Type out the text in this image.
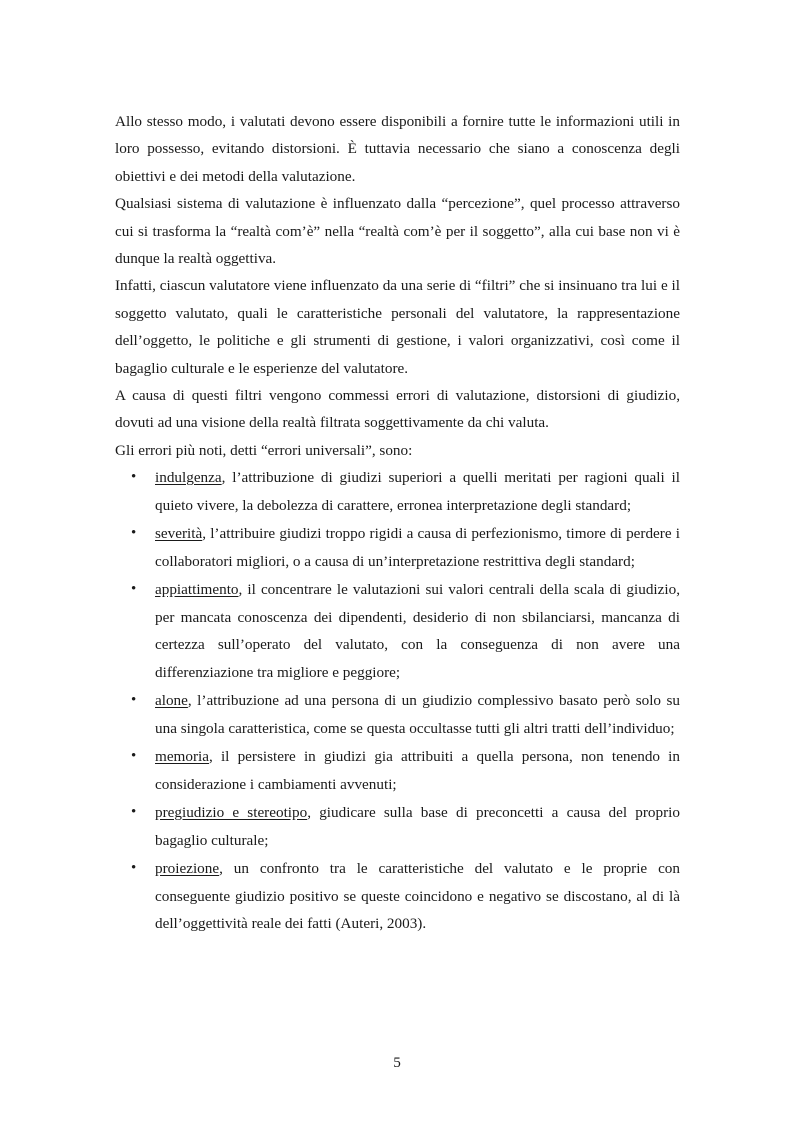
Allo stesso modo, i valutati devono essere disponibili a fornire tutte le informazioni utili in loro possesso, evitando distorsioni. È tuttavia necessario che siano a conoscenza degli obiettivi e dei metodi della valutazione.

Qualsiasi sistema di valutazione è influenzato dalla “percezione”, quel processo attraverso cui si trasforma la “realtà com’è” nella “realtà com’è per il soggetto”, alla cui base non vi è dunque la realtà oggettiva.

Infatti, ciascun valutatore viene influenzato da una serie di “filtri” che si insinuano tra lui e il soggetto valutato, quali le caratteristiche personali del valutatore, la rappresentazione dell’oggetto, le politiche e gli strumenti di gestione, i valori organizzativi, così come il bagaglio culturale e le esperienze del valutatore.

A causa di questi filtri vengono commessi errori di valutazione, distorsioni di giudizio, dovuti ad una visione della realtà filtrata soggettivamente da chi valuta.

Gli errori più noti, detti “errori universali”, sono:

• indulgenza, l’attribuzione di giudizi superiori a quelli meritati per ragioni quali il quieto vivere, la debolezza di carattere, erronea interpretazione degli standard;
• severità, l’attribuire giudizi troppo rigidi a causa di perfezionismo, timore di perdere i collaboratori migliori, o a causa di un’interpretazione restrittiva degli standard;
• appiattimento, il concentrare le valutazioni sui valori centrali della scala di giudizio, per mancata conoscenza dei dipendenti, desiderio di non sbilanciarsi, mancanza di certezza sull’operato del valutato, con la conseguenza di non avere una differenziazione tra migliore e peggiore;
• alone, l’attribuzione ad una persona di un giudizio complessivo basato però solo su una singola caratteristica, come se questa occultasse tutti gli altri tratti dell’individuo;
• memoria, il persistere in giudizi gia attribuiti a quella persona, non tenendo in considerazione i cambiamenti avvenuti;
• pregiudizio e stereotipo, giudicare sulla base di preconcetti a causa del proprio bagaglio culturale;
• proiezione, un confronto tra le caratteristiche del valutato e le proprie con conseguente giudizio positivo se queste coincidono e negativo se discostano, al di là dell’oggettività reale dei fatti (Auteri, 2003).
5
